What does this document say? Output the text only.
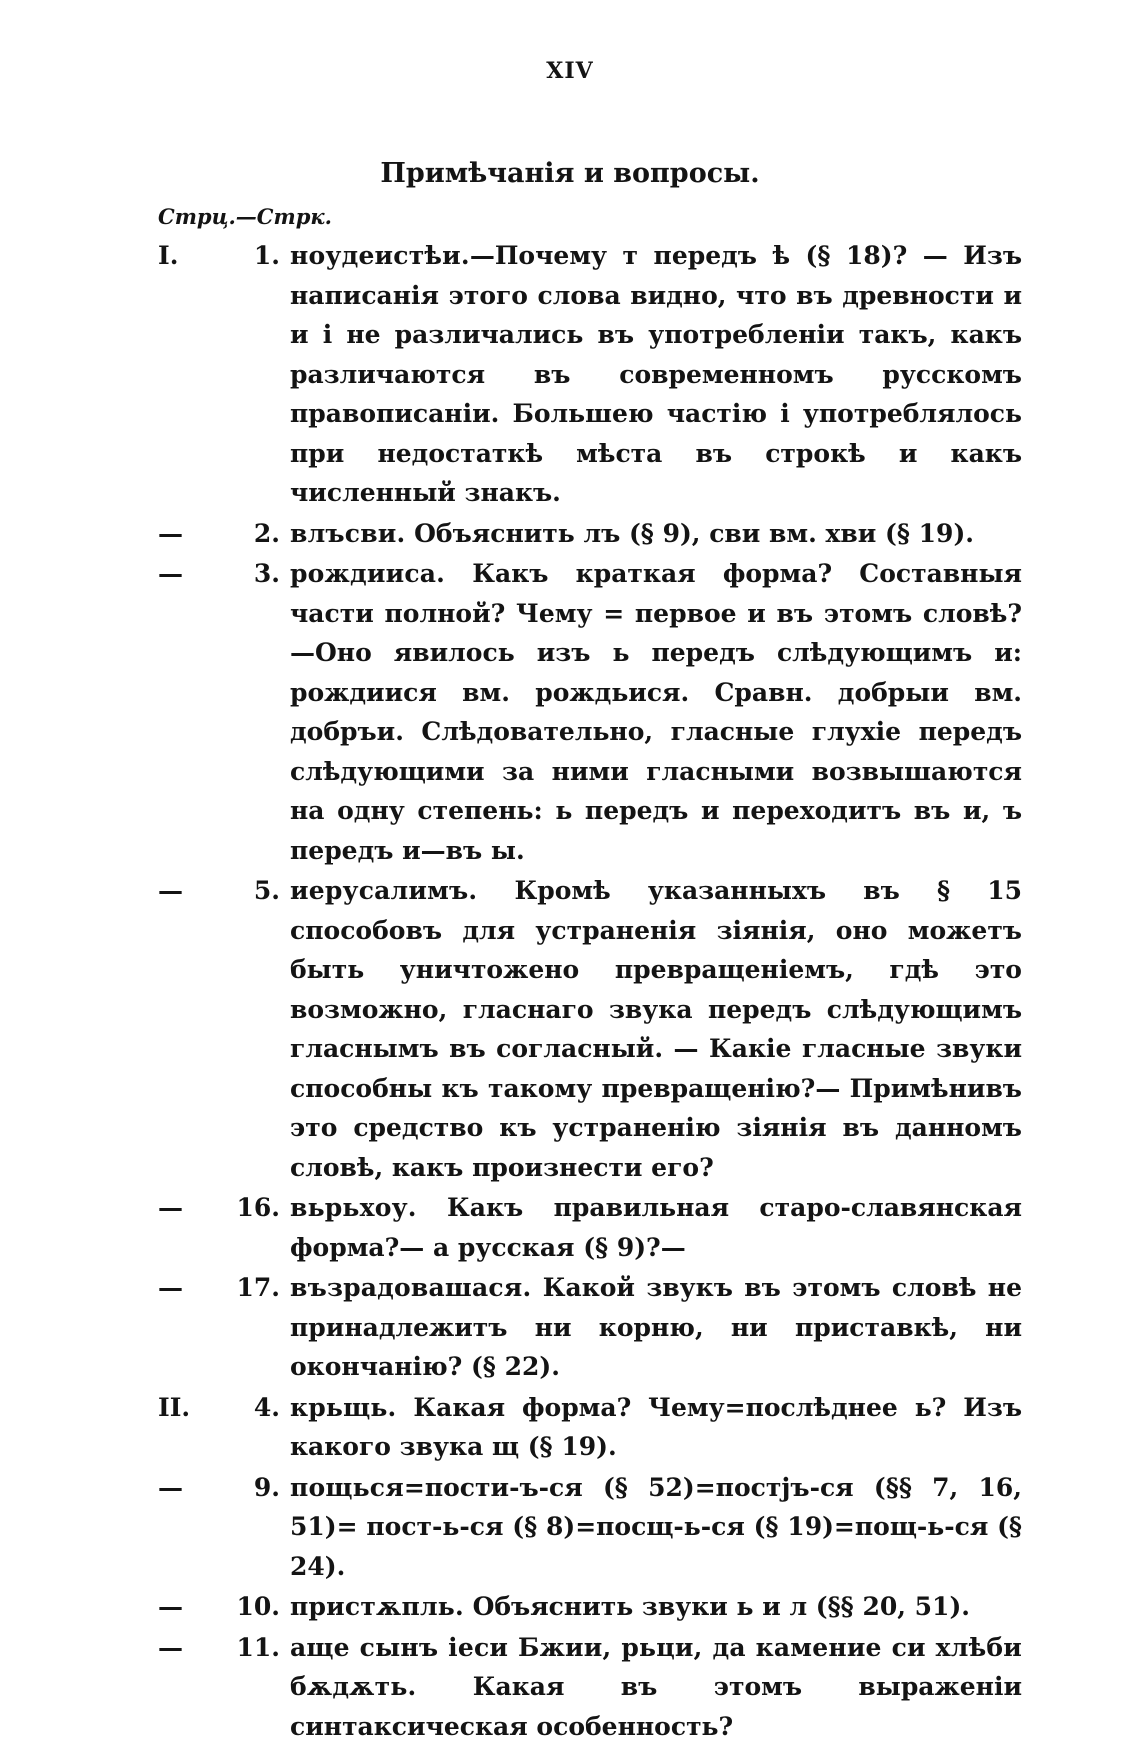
XIV
Примѣчанія и вопросы.
Стрц.—Стрк.
I.	1. ноудеистѣи.—Почему т передъ ѣ (§ 18)? — Изъ написанія этого слова видно, что въ древности и и і не различались въ употребленіи такъ, какъ различаются въ современномъ русскомъ правописаніи. Большею частію і употреблялось при недостаткѣ мѣста въ строкѣ и какъ численный знакъ.
—	2. влъсви. Объяснить лъ (§ 9), сви вм. хви (§ 19).
—	3. рождииса. Какъ краткая форма? Составныя части полной? Чему = первое и въ этомъ словѣ?—Оно явилось изъ ь передъ слѣдующимъ и: рождиися вм. рождьися. Сравн. добрыи вм. добръи. Слѣдовательно, гласные глухіе передъ слѣдующими за ними гласными возвышаются на одну степень: ь передъ и переходитъ въ и, ъ передъ и—въ ы.
—	5. иерусалимъ. Кромѣ указанныхъ въ § 15 способовъ для устраненія зіянія, оно можетъ быть уничтожено превращеніемъ, гдѣ это возможно, гласнаго звука передъ слѣдующимъ гласнымъ въ согласный. — Какіе гласные звуки способны къ такому превращенію?— Примѣнивъ это средство къ устраненію зіянія въ данномъ словѣ, какъ произнести его?
—	16. вьрьхоу. Какъ правильная старо-славянская форма?— а русская (§ 9)?—
—	17. възрадовашася. Какой звукъ въ этомъ словѣ не принадлежитъ ни корню, ни приставкѣ, ни окончанію? (§ 22).
II.	4. крьщь. Какая форма? Чему=послѣднее ь? Изъ какого звука щ (§ 19).
—	9. пощься=пости-ъ-ся (§ 52)=постјъ-ся (§§ 7, 16, 51)= пост-ь-ся (§ 8)=посщ-ь-ся (§ 19)=пощ-ь-ся (§ 24).
—	10. пристѫпль. Объяснить звуки ь и л (§§ 20, 51).
—	11. аще сынъ іеси Бжии, рьци, да камение си хлѣби бѫдѫть. Какая въ этомъ выраженіи синтаксическая особенность?
